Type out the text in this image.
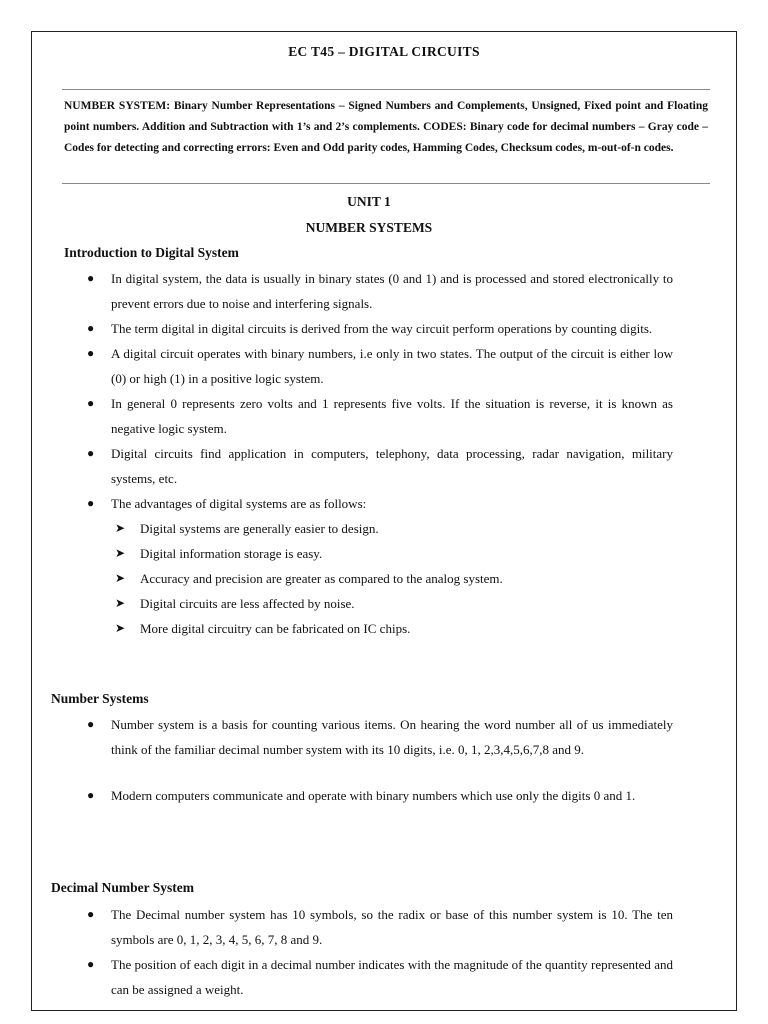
EC T45 – DIGITAL CIRCUITS
NUMBER SYSTEM: Binary Number Representations – Signed Numbers and Complements, Unsigned, Fixed point and Floating point numbers. Addition and Subtraction with 1’s and 2’s complements. CODES: Binary code for decimal numbers – Gray code – Codes for detecting and correcting errors: Even and Odd parity codes, Hamming Codes, Checksum codes, m-out-of-n codes.
UNIT 1
NUMBER SYSTEMS
Introduction to Digital System
● In digital system, the data is usually in binary states (0 and 1) and is processed and stored electronically to prevent errors due to noise and interfering signals.
● The term digital in digital circuits is derived from the way circuit perform operations by counting digits.
● A digital circuit operates with binary numbers, i.e only in two states. The output of the circuit is either low (0) or high (1) in a positive logic system.
● In general 0 represents zero volts and 1 represents five volts. If the situation is reverse, it is known as negative logic system.
● Digital circuits find application in computers, telephony, data processing, radar navigation, military systems, etc.
● The advantages of digital systems are as follows:
➤ Digital systems are generally easier to design.
➤ Digital information storage is easy.
➤ Accuracy and precision are greater as compared to the analog system.
➤ Digital circuits are less affected by noise.
➤ More digital circuitry can be fabricated on IC chips.
Number Systems
● Number system is a basis for counting various items. On hearing the word number all of us immediately think of the familiar decimal number system with its 10 digits, i.e. 0, 1, 2,3,4,5,6,7,8 and 9.
● Modern computers communicate and operate with binary numbers which use only the digits 0 and 1.
Decimal Number System
● The Decimal number system has 10 symbols, so the radix or base of this number system is 10. The ten symbols are 0, 1, 2, 3, 4, 5, 6, 7, 8 and 9.
● The position of each digit in a decimal number indicates with the magnitude of the quantity represented and can be assigned a weight.
